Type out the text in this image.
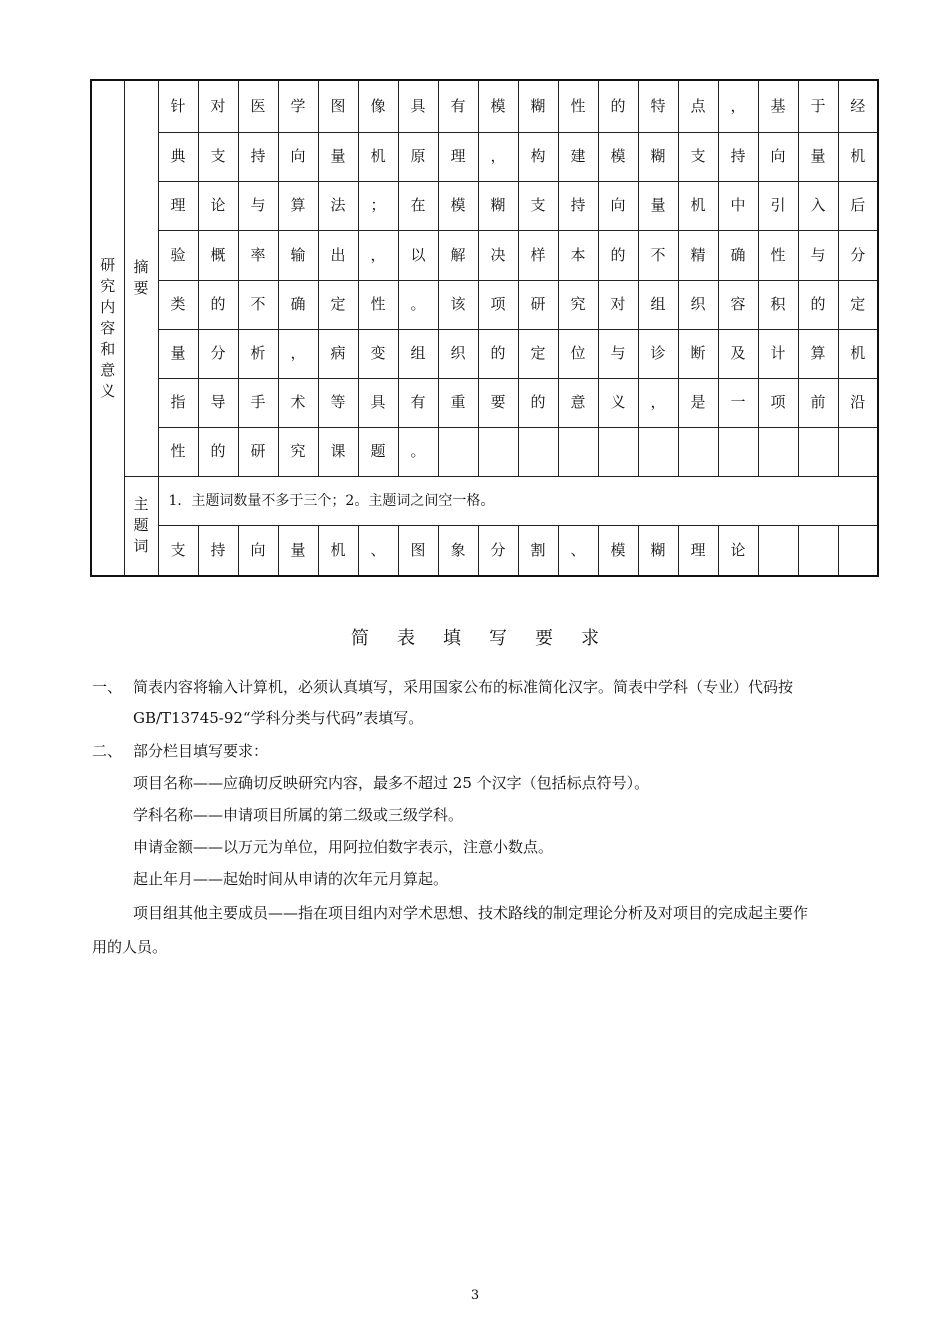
研究内容和意义	摘要	针	对	医	学	图	像	具	有	模	糊	性	的	特	点	，	基	于	经
		典	支	持	向	量	机	原	理	，	构	建	模	糊	支	持	向	量	机
		理	论	与	算	法	；	在	模	糊	支	持	向	量	机	中	引	入	后
		验	概	率	输	出	，	以	解	决	样	本	的	不	精	确	性	与	分
		类	的	不	确	定	性	。	该	项	研	究	对	组	织	容	积	的	定
		量	分	析	，	病	变	组	织	的	定	位	与	诊	断	及	计	算	机
		指	导	手	术	等	具	有	重	要	的	意	义	，	是	一	项	前	沿
		性	的	研	究	课	题	。											
	主题词	1．主题词数量不多于三个；2。主题词之间空一格。																	
		支	持	向	量	机	、	图	象	分	割	、	模	糊	理	论			
简 表 填 写 要 求
一、 简表内容将输入计算机，必须认真填写，采用国家公布的标准简化汉字。简表中学科（专业）代码按
GB/T13745-92“学科分类与代码”表填写。
二、 部分栏目填写要求：
项目名称——应确切反映研究内容，最多不超过 25 个汉字（包括标点符号）。
学科名称——申请项目所属的第二级或三级学科。
申请金额——以万元为单位，用阿拉伯数字表示，注意小数点。
起止年月——起始时间从申请的次年元月算起。
项目组其他主要成员——指在项目组内对学术思想、技术路线的制定理论分析及对项目的完成起主要作
用的人员。
3
